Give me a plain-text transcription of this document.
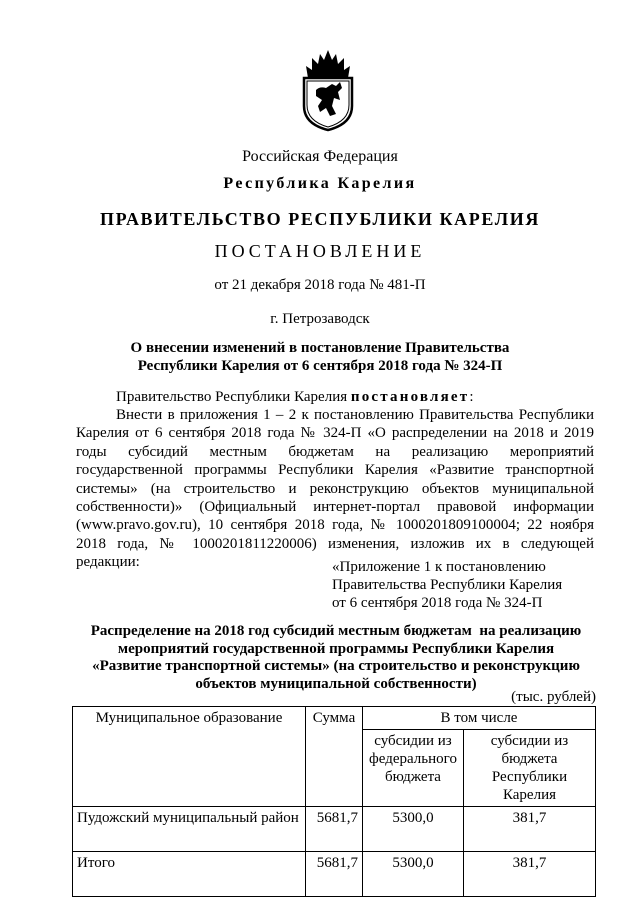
Российская Федерация
Республика Карелия
ПРАВИТЕЛЬСТВО РЕСПУБЛИКИ КАРЕЛИЯ
ПОСТАНОВЛЕНИЕ
от 21 декабря 2018 года № 481-П
г. Петрозаводск
О внесении изменений в постановление Правительства
Республики Карелия от 6 сентября 2018 года № 324-П
Правительство Республики Карелия постановляет:
Внести в приложения 1 – 2 к постановлению Правительства Республики Карелия от 6 сентября 2018 года № 324-П «О распределении на 2018 и 2019 годы субсидий местным бюджетам на реализацию мероприятий государственной программы Республики Карелия «Развитие транспортной системы» (на строительство и реконструкцию объектов муниципальной собственности)» (Официальный интернет-портал правовой информации (www.pravo.gov.ru), 10 сентября 2018 года, № 1000201809100004; 22 ноября 2018 года, № 1000201811220006) изменения, изложив их в следующей редакции:	«Приложение 1 к постановлению
Правительства Республики Карелия
от 6 сентября 2018 года № 324-П
Распределение на 2018 год субсидий местным бюджетам  на реализацию
мероприятий государственной программы Республики Карелия
«Развитие транспортной системы» (на строительство и реконструкцию
объектов муниципальной собственности)
(тыс. рублей)
Муниципальное образование	Сумма	В том числе	
		субсидии из федерального бюджета	субсидии из бюджета Республики Карелия
Пудожский муниципальный район	5681,7	5300,0	381,7
Итого	5681,7	5300,0	381,7
